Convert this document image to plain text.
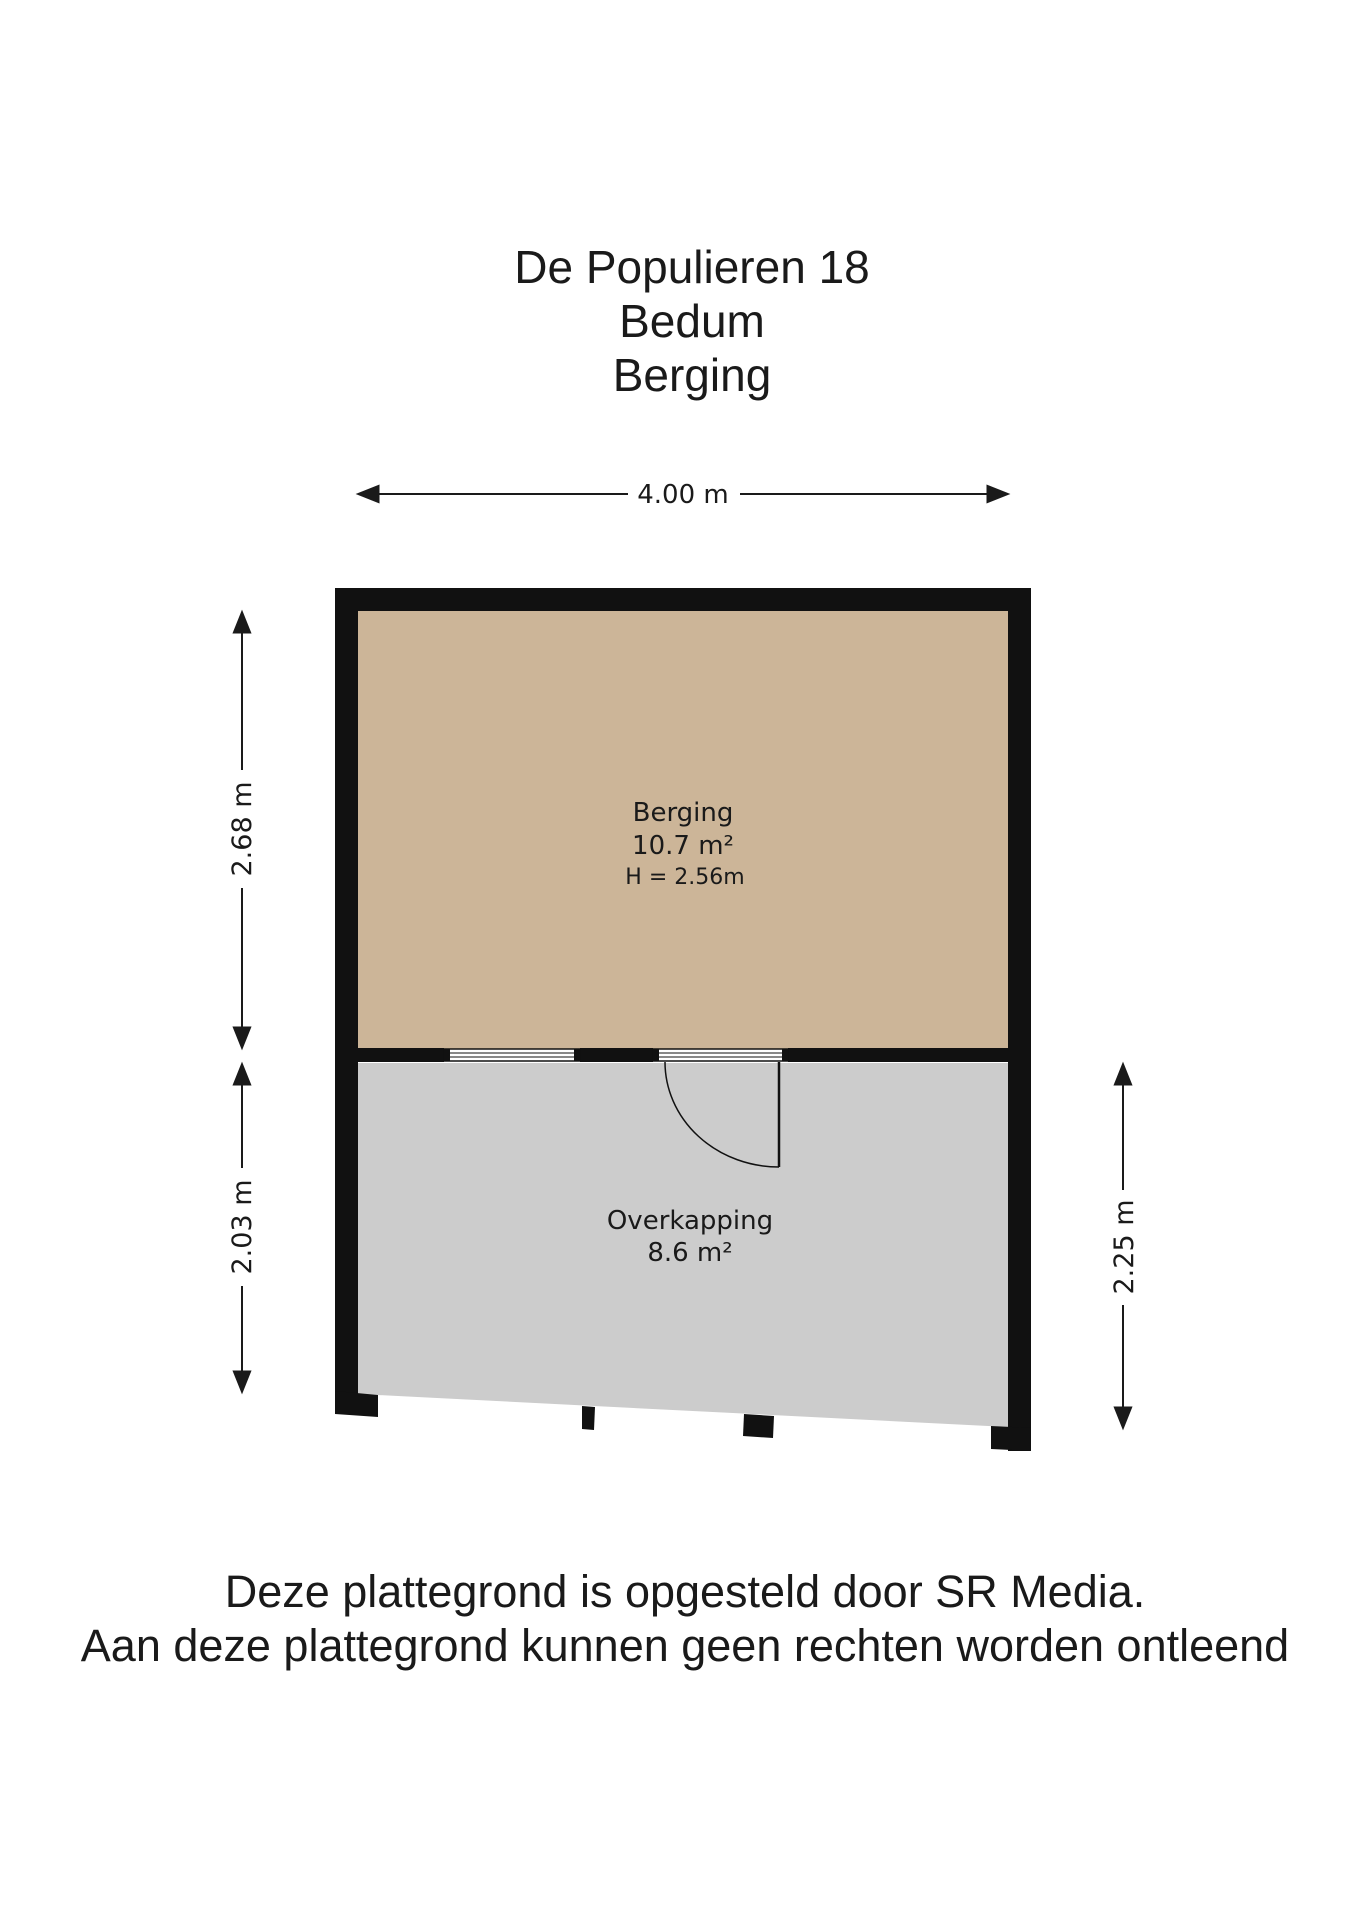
De Populieren 18
Bedum
Berging
4.00 m
2.68 m
2.03 m	2.25 m
Berging
10.7 m²
H = 2.56m
Overkapping
8.6 m²
Deze plattegrond is opgesteld door SR Media.
Aan deze plattegrond kunnen geen rechten worden ontleend
